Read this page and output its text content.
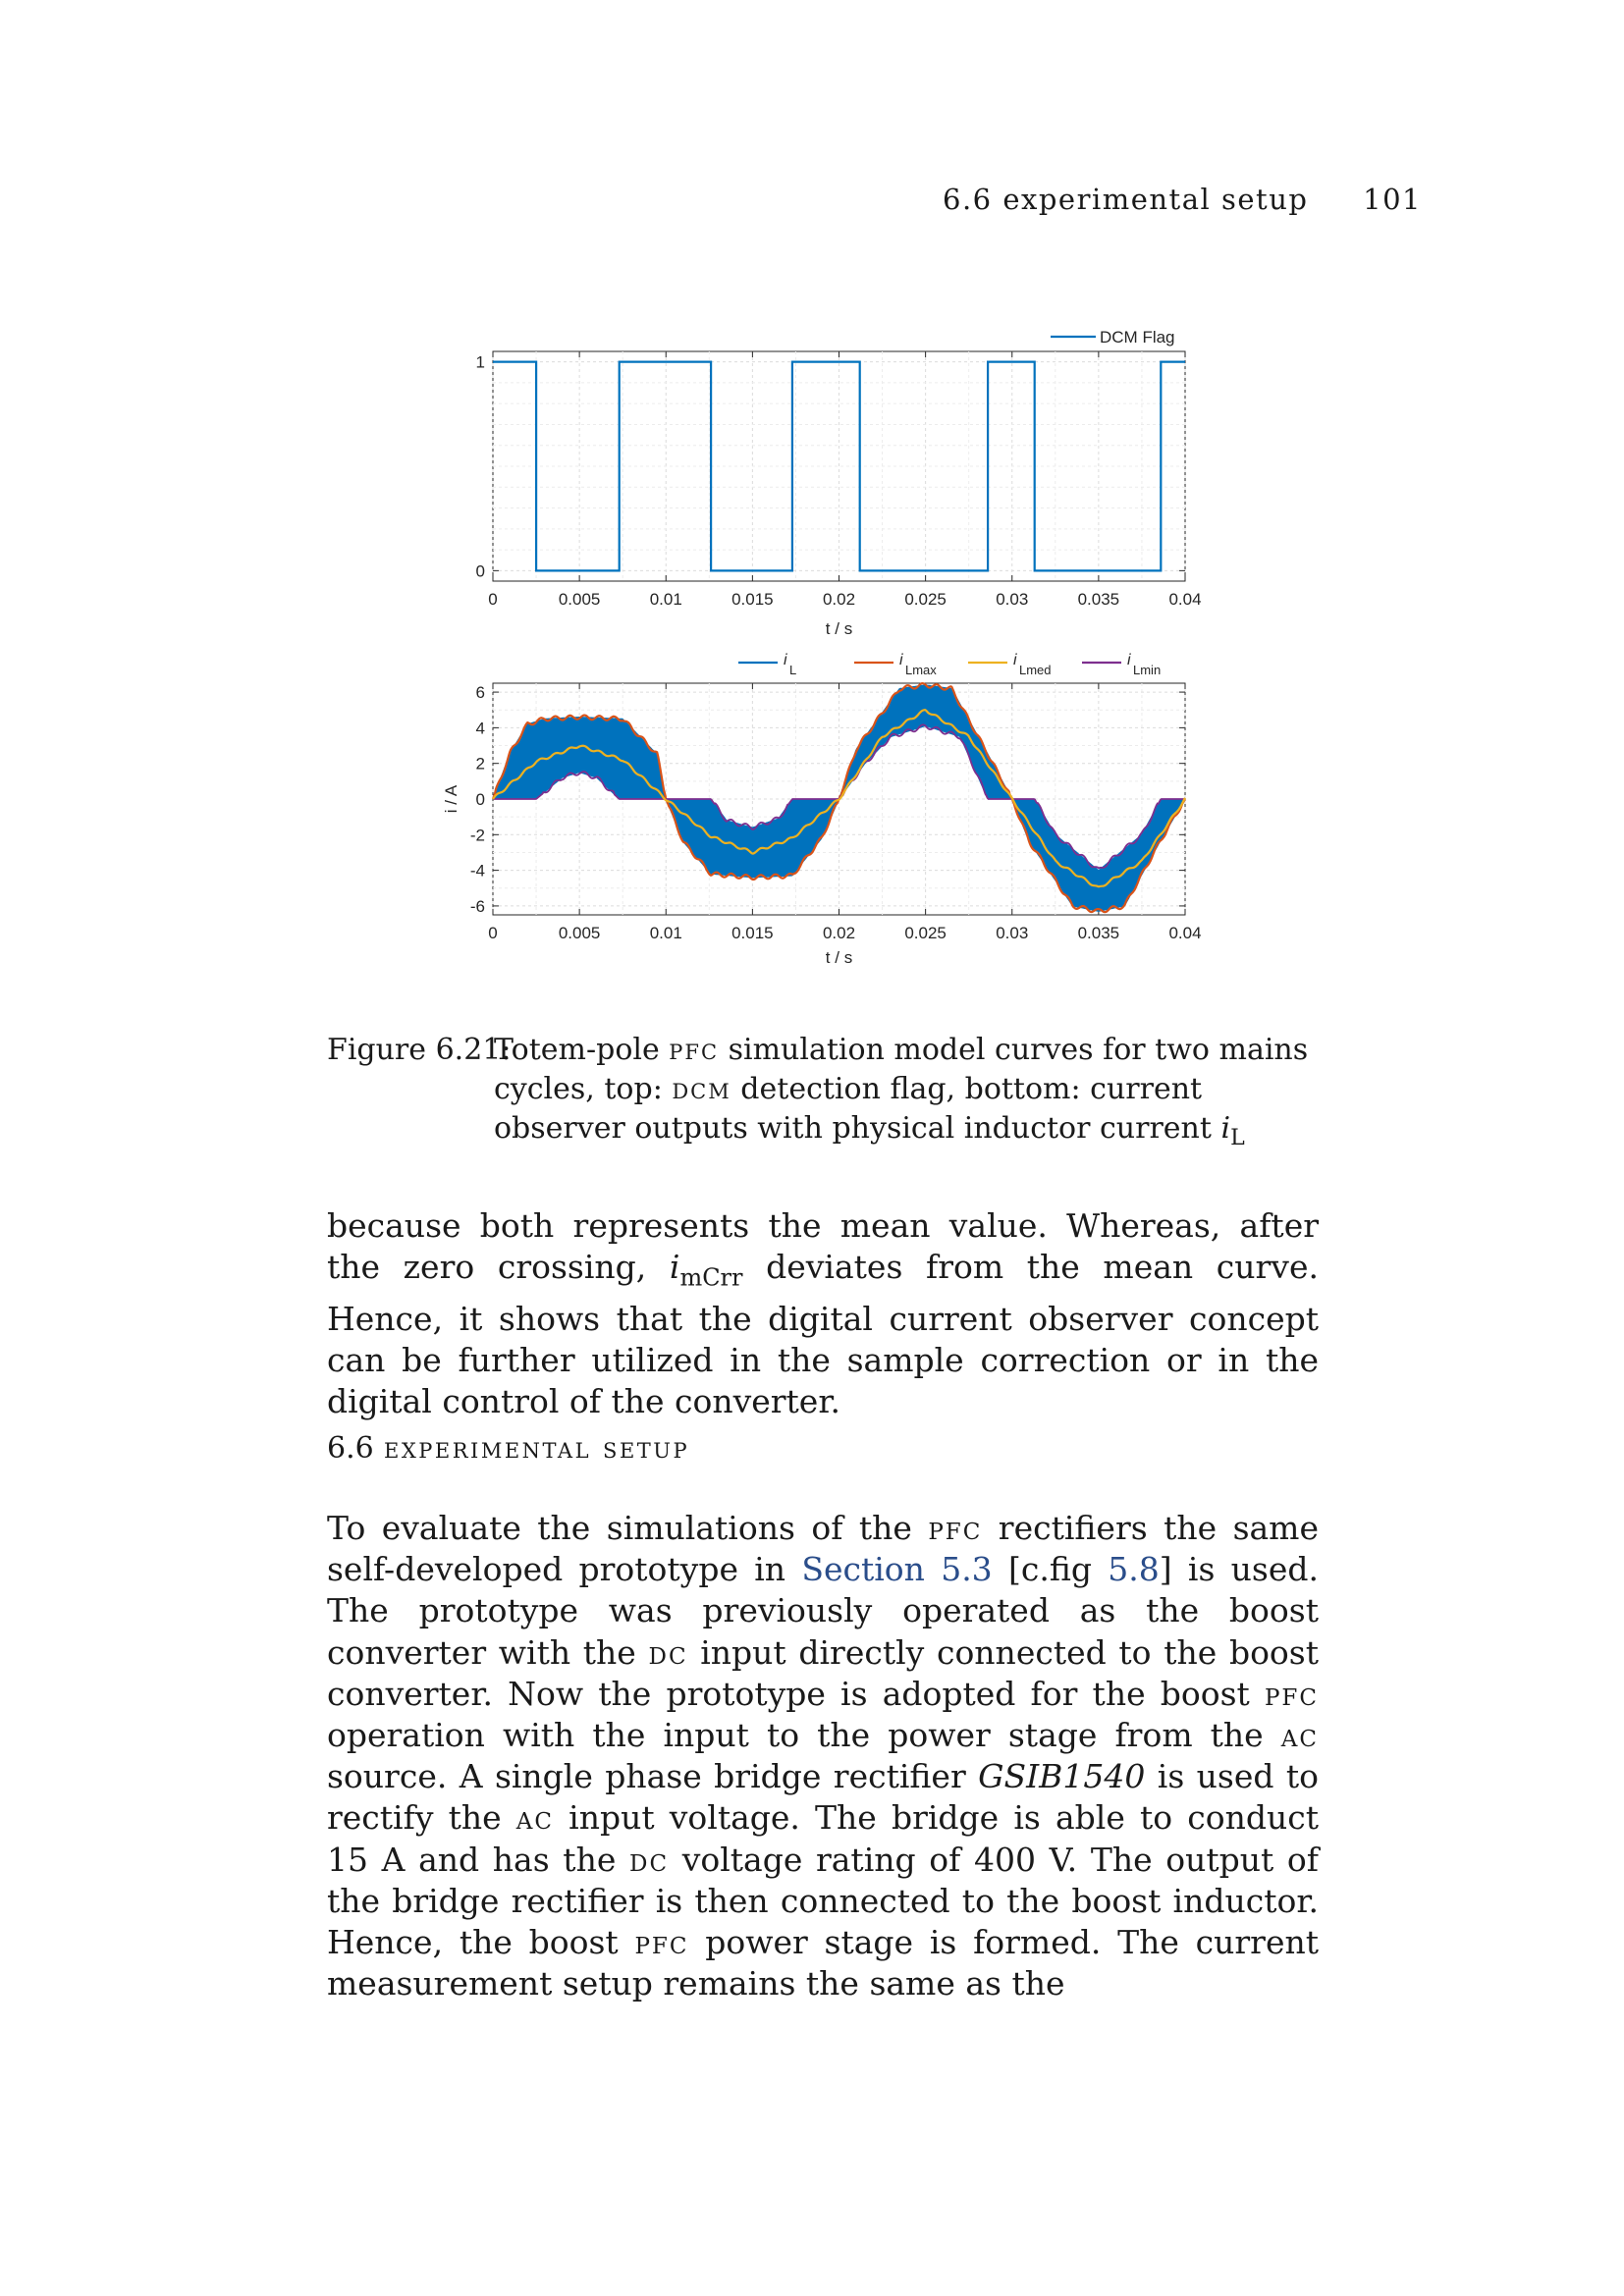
6.6 experimental setup 101
0	0.005	0.01	0.015	0.02	0.025	0.03	0.035	0.04
0
1
t / s
DCM Flag
0	0.005	0.01	0.015	0.02	0.025	0.03	0.035	0.04
-6
-4
-2
0
2
4
6
t / s
i / A
i
L
i
Lmax
i
Lmed
i
Lmin
Figure 6.21:
Totem-pole pfc simulation model curves for two mains cycles, top: dcm detection flag, bottom: current observer outputs with physical inductor current $i_L$

because both represents the mean value. Whereas, after the zero crossing, $i_{mCrr}$ deviates from the mean curve. Hence, it shows that the digital current observer concept can be further utilized in the sample correction or in the digital control of the converter.

6.6 experimental setup

To evaluate the simulations of the pfc rectifiers the same self-developed prototype in Section 5.3 [c.fig 5.8] is used. The prototype was previously operated as the boost converter with the dc input directly connected to the boost converter. Now the prototype is adopted for the boost pfc operation with the input to the power stage from the ac source. A single phase bridge rectifier GSIB1540 is used to rectify the ac input voltage. The bridge is able to conduct 15 A and has the dc voltage rating of 400 V. The output of the bridge rectifier is then connected to the boost inductor. Hence, the boost pfc power stage is formed. The current measurement setup remains the same as the
